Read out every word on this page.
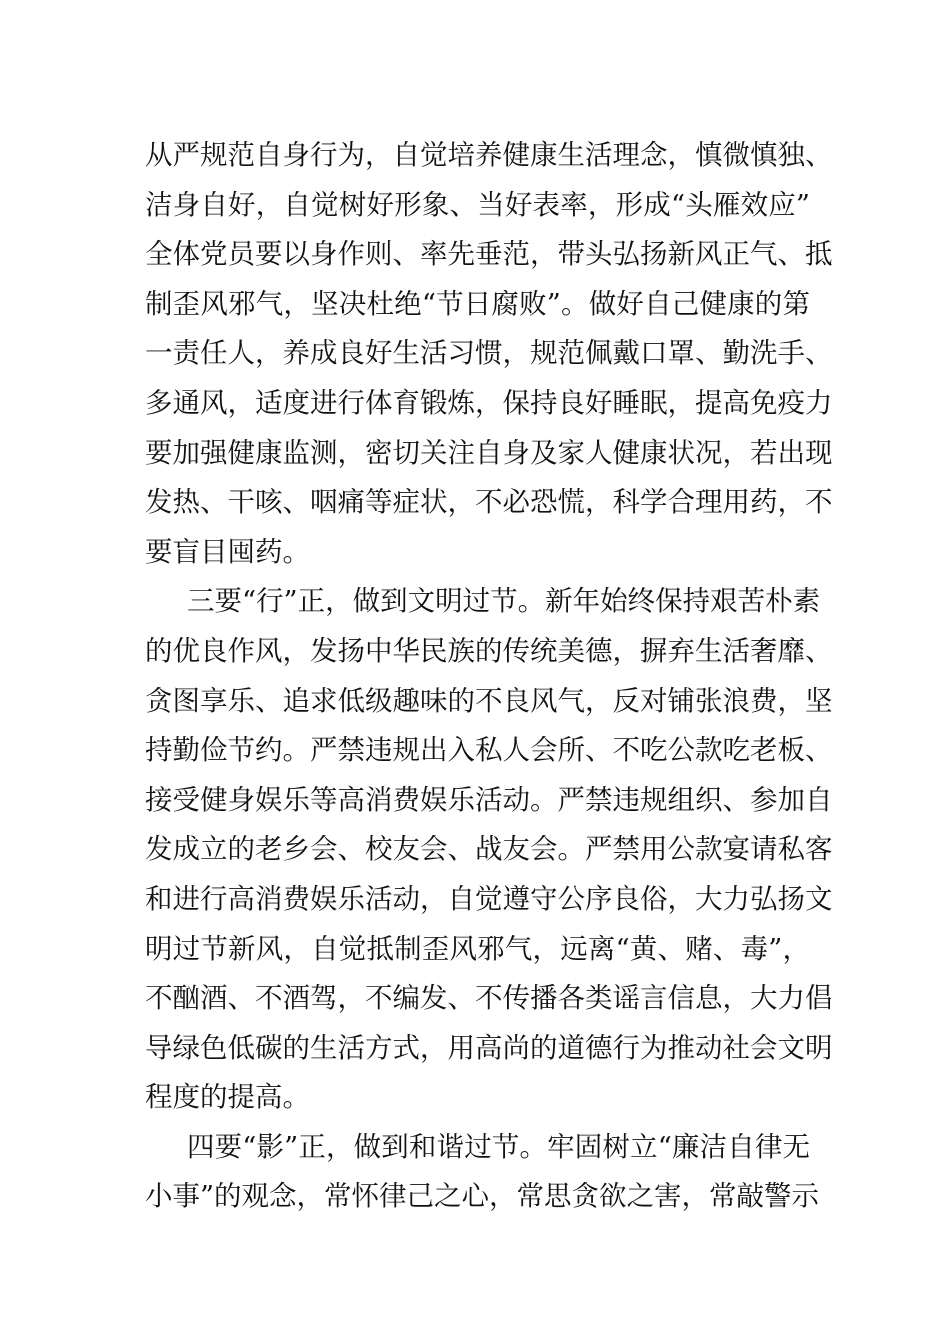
从严规范自身行为，自觉培养健康生活理念，慎微慎独、
洁身自好，自觉树好形象、当好表率，形成“头雁效应”
全体党员要以身作则、率先垂范，带头弘扬新风正气、抵
制歪风邪气，坚决杜绝“节日腐败”。做好自己健康的第
一责任人，养成良好生活习惯，规范佩戴口罩、勤洗手、
多通风，适度进行体育锻炼，保持良好睡眠，提高免疫力
要加强健康监测，密切关注自身及家人健康状况，若出现
发热、干咳、咽痛等症状，不必恐慌，科学合理用药，不
要盲目囤药。
三要“行”正，做到文明过节。新年始终保持艰苦朴素
的优良作风，发扬中华民族的传统美德，摒弃生活奢靡、
贪图享乐、追求低级趣味的不良风气，反对铺张浪费，坚
持勤俭节约。严禁违规出入私人会所、不吃公款吃老板、
接受健身娱乐等高消费娱乐活动。严禁违规组织、参加自
发成立的老乡会、校友会、战友会。严禁用公款宴请私客
和进行高消费娱乐活动，自觉遵守公序良俗，大力弘扬文
明过节新风，自觉抵制歪风邪气，远离“黄、赌、毒”，
不酗酒、不酒驾，不编发、不传播各类谣言信息，大力倡
导绿色低碳的生活方式，用高尚的道德行为推动社会文明
程度的提高。
四要“影”正，做到和谐过节。牢固树立“廉洁自律无
小事”的观念，常怀律己之心，常思贪欲之害，常敲警示
